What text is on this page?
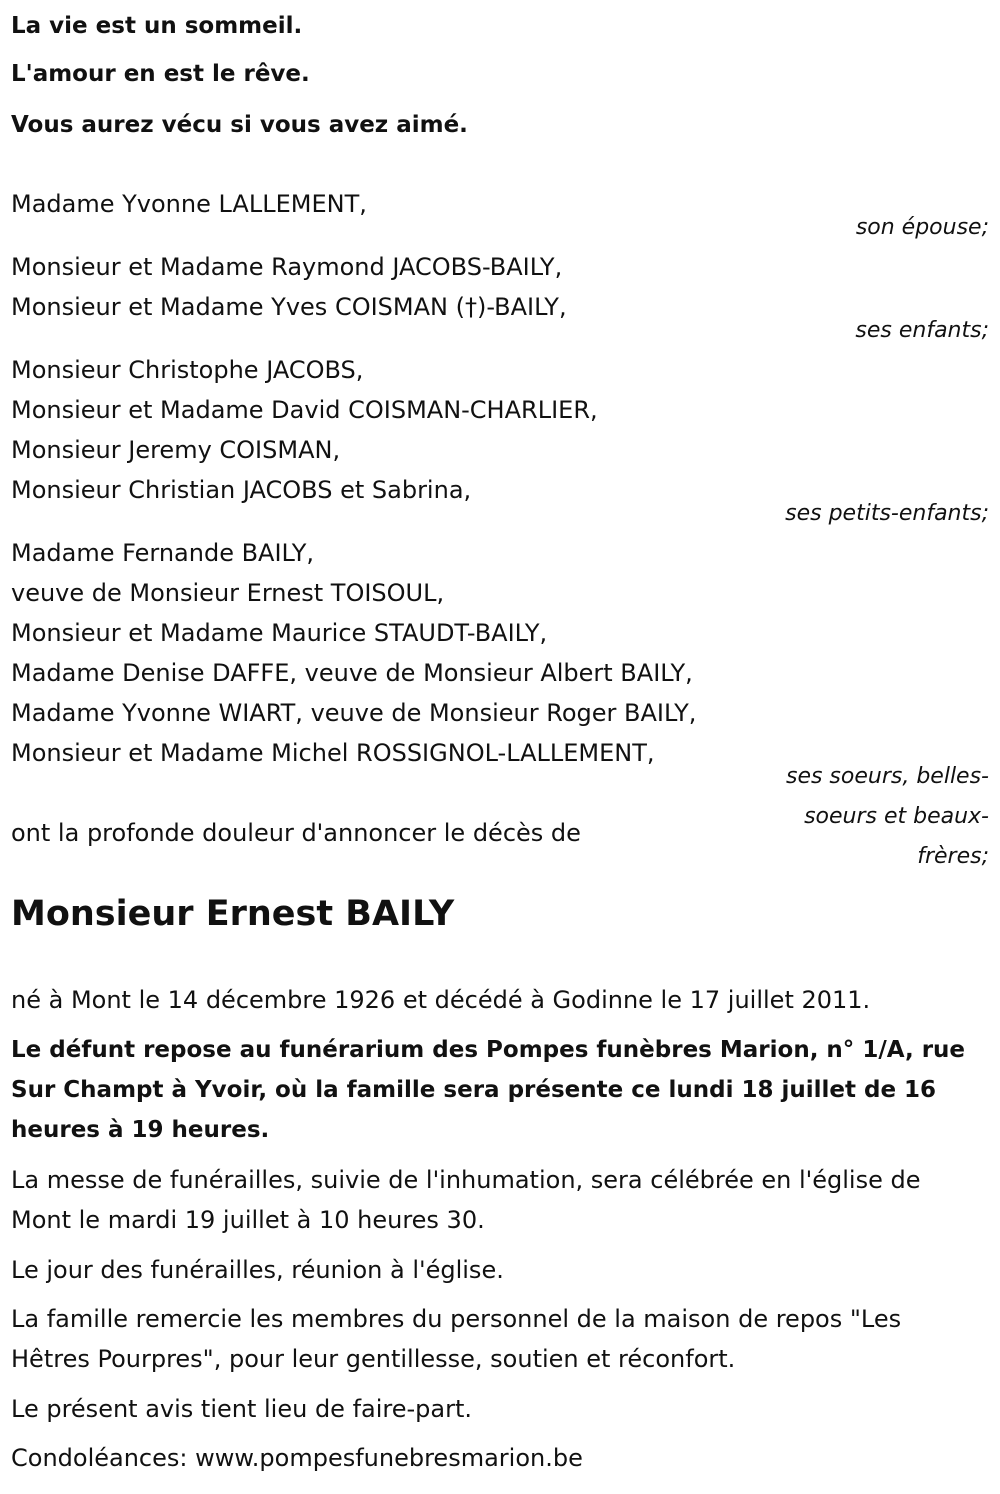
La vie est un sommeil.
L'amour en est le rêve.
Vous aurez vécu si vous avez aimé.
Madame Yvonne LALLEMENT,
son épouse;
Monsieur et Madame Raymond JACOBS-BAILY,
Monsieur et Madame Yves COISMAN (†)-BAILY,
ses enfants;
Monsieur Christophe JACOBS,
Monsieur et Madame David COISMAN-CHARLIER,
Monsieur Jeremy COISMAN,
Monsieur Christian JACOBS et Sabrina,
ses petits-enfants;
Madame Fernande BAILY,
veuve de Monsieur Ernest TOISOUL,
Monsieur et Madame Maurice STAUDT-BAILY,
Madame Denise DAFFE, veuve de Monsieur Albert BAILY,
Madame Yvonne WIART, veuve de Monsieur Roger BAILY,
Monsieur et Madame Michel ROSSIGNOL-LALLEMENT,
ses soeurs, belles-soeurs et beaux-frères;
ont la profonde douleur d'annoncer le décès de
Monsieur Ernest BAILY
né à Mont le 14 décembre 1926 et décédé à Godinne le 17 juillet 2011.
Le défunt repose au funérarium des Pompes funèbres Marion, n° 1/A, rue Sur Champt à Yvoir, où la famille sera présente ce lundi 18 juillet de 16 heures à 19 heures.
La messe de funérailles, suivie de l'inhumation, sera célébrée en l'église de Mont le mardi 19 juillet à 10 heures 30.
Le jour des funérailles, réunion à l'église.
La famille remercie les membres du personnel de la maison de repos "Les Hêtres Pourpres", pour leur gentillesse, soutien et réconfort.
Le présent avis tient lieu de faire-part.
Condoléances: www.pompesfunebresmarion.be
